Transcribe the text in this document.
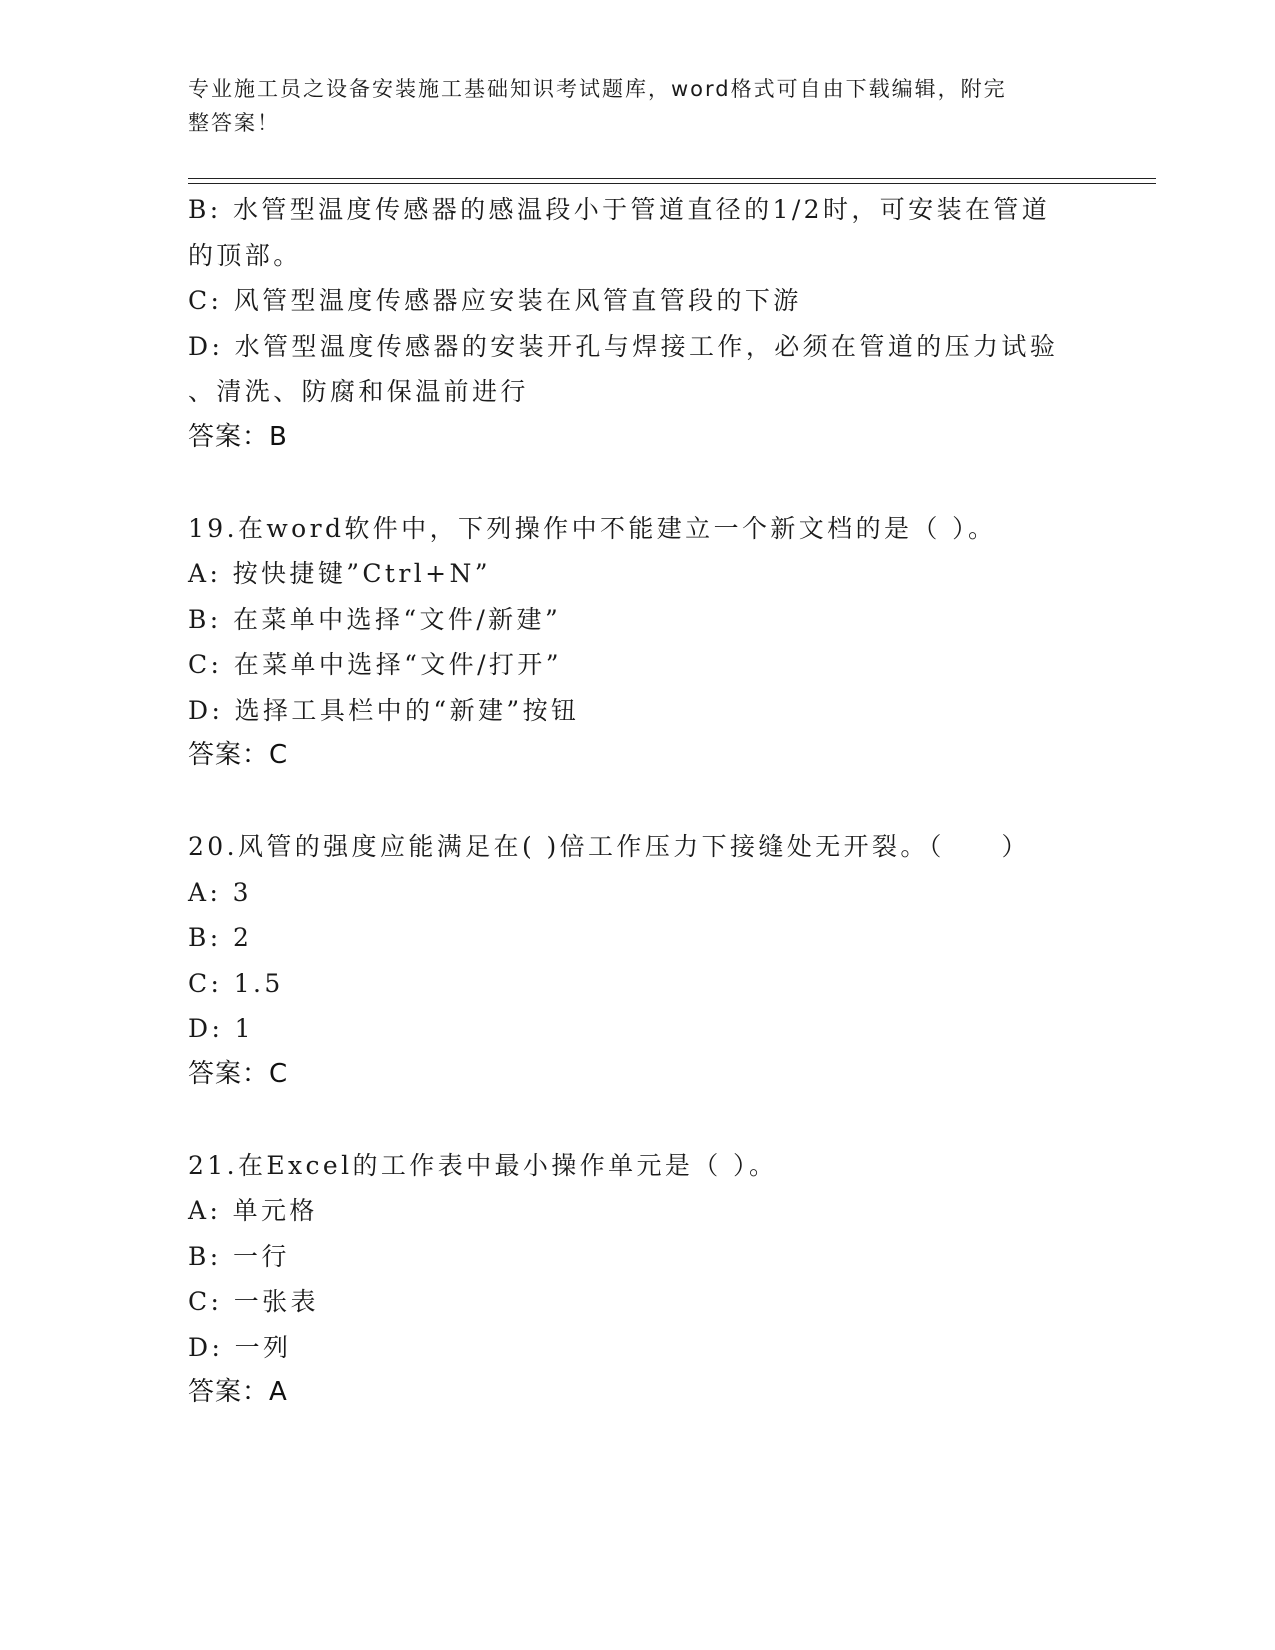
专业施工员之设备安装施工基础知识考试题库，word格式可自由下载编辑，附完
整答案！
B: 水管型温度传感器的感温段小于管道直径的1/2时，可安装在管道
的顶部。
C: 风管型温度传感器应安装在风管直管段的下游
D: 水管型温度传感器的安装开孔与焊接工作，必须在管道的压力试验
、清洗、防腐和保温前进行
答案：B
19.在word软件中，下列操作中不能建立一个新文档的是（ ）。
A: 按快捷键”Ctrl+N”
B: 在菜单中选择“文件/新建”
C: 在菜单中选择“文件/打开”
D: 选择工具栏中的“新建”按钮
答案：C
20.风管的强度应能满足在( )倍工作压力下接缝处无开裂。（　　）
A: 3
B: 2
C: 1.5
D: 1
答案：C
21.在Excel的工作表中最小操作单元是（ ）。
A: 单元格
B: 一行
C: 一张表
D: 一列
答案：A
